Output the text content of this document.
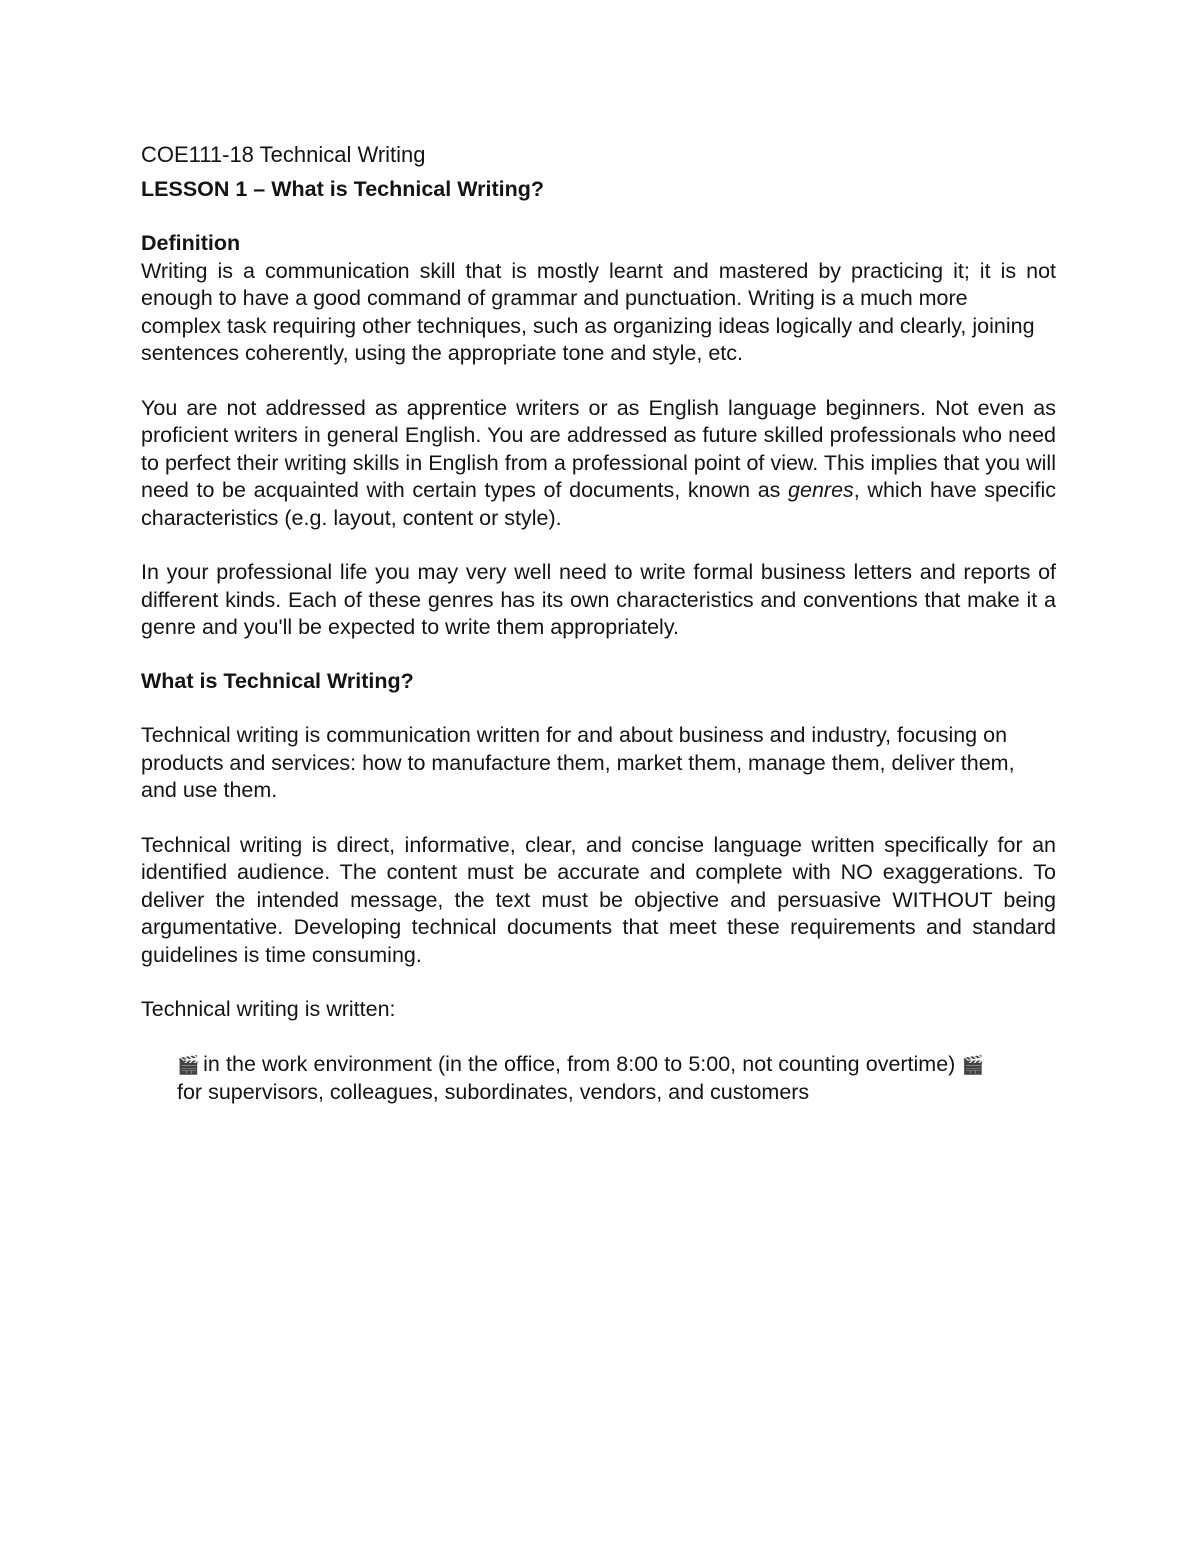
COE111-18 Technical Writing

LESSON 1 – What is Technical Writing?

Definition

Writing is a communication skill that is mostly learnt and mastered by practicing it; it is not enough to have a good command of grammar and punctuation. Writing is a much more

complex task requiring other techniques, such as organizing ideas logically and clearly, joining sentences coherently, using the appropriate tone and style, etc.

You are not addressed as apprentice writers or as English language beginners. Not even as proficient writers in general English. You are addressed as future skilled professionals who need to perfect their writing skills in English from a professional point of view. This implies that you will need to be acquainted with certain types of documents, known as genres, which have specific characteristics (e.g. layout, content or style).

In your professional life you may very well need to write formal business letters and reports of different kinds. Each of these genres has its own characteristics and conventions that make it a genre and you'll be expected to write them appropriately.

What is Technical Writing?

Technical writing is communication written for and about business and industry, focusing on products and services: how to manufacture them, market them, manage them, deliver them, and use them.

Technical writing is direct, informative, clear, and concise language written specifically for an identified audience. The content must be accurate and complete with NO exaggerations. To deliver the intended message, the text must be objective and persuasive WITHOUT being argumentative. Developing technical documents that meet these requirements and standard guidelines is time consuming.

Technical writing is written:

🎬 in the work environment (in the office, from 8:00 to 5:00, not counting overtime) 🎬      for supervisors, colleagues, subordinates, vendors, and customers
